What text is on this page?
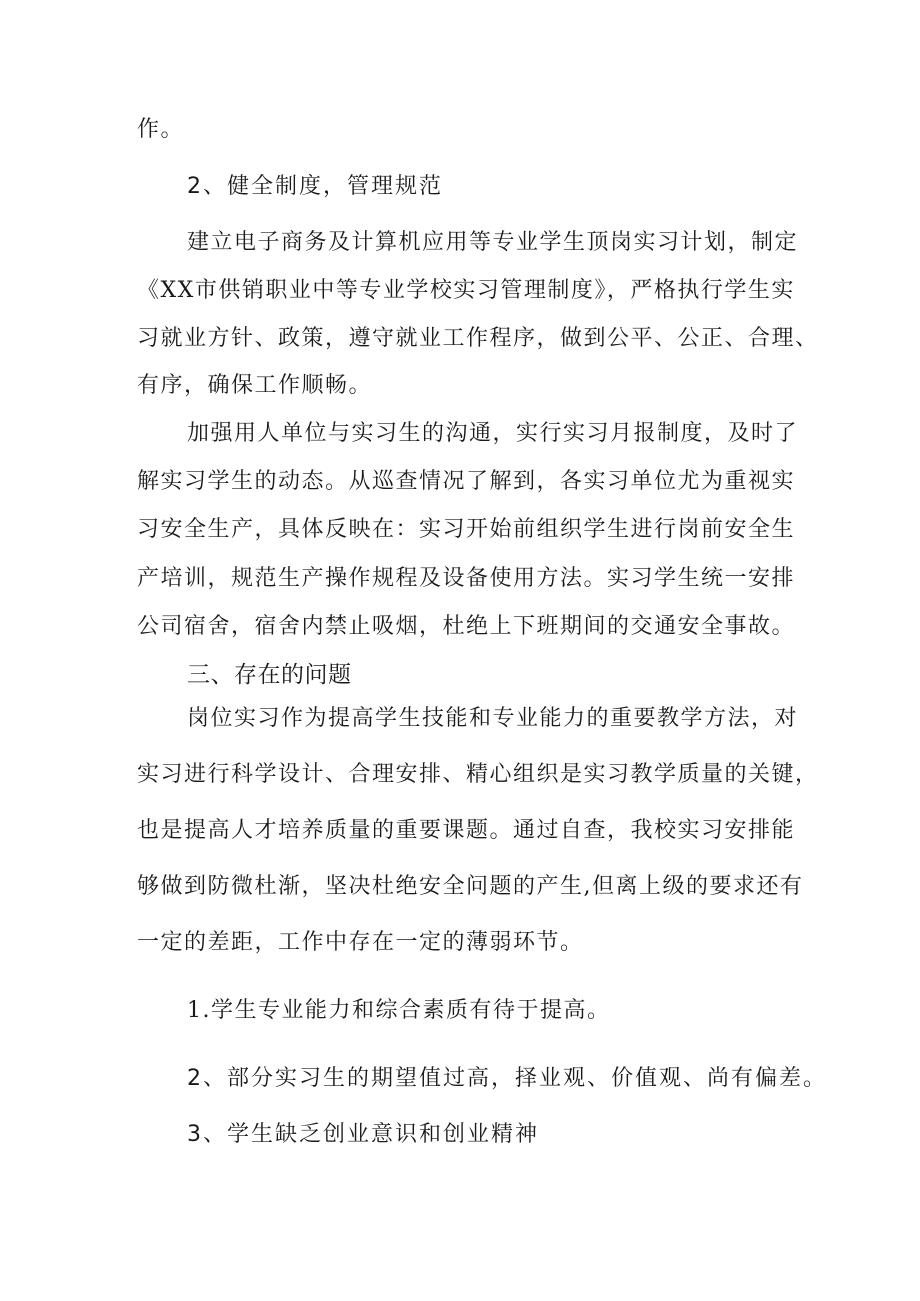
作。
2、健全制度，管理规范
建立电子商务及计算机应用等专业学生顶岗实习计划，制定
《XX市供销职业中等专业学校实习管理制度》，严格执行学生实
习就业方针、政策，遵守就业工作程序，做到公平、公正、合理、
有序，确保工作顺畅。
加强用人单位与实习生的沟通，实行实习月报制度，及时了
解实习学生的动态。从巡查情况了解到，各实习单位尤为重视实
习安全生产，具体反映在：实习开始前组织学生进行岗前安全生
产培训，规范生产操作规程及设备使用方法。实习学生统一安排
公司宿舍，宿舍内禁止吸烟，杜绝上下班期间的交通安全事故。
三、存在的问题
岗位实习作为提高学生技能和专业能力的重要教学方法，对
实习进行科学设计、合理安排、精心组织是实习教学质量的关键，
也是提高人才培养质量的重要课题。通过自查，我校实习安排能
够做到防微杜渐，坚决杜绝安全问题的产生,但离上级的要求还有
一定的差距，工作中存在一定的薄弱环节。
1.学生专业能力和综合素质有待于提高。
2、部分实习生的期望值过高，择业观、价值观、尚有偏差。
3、学生缺乏创业意识和创业精神
